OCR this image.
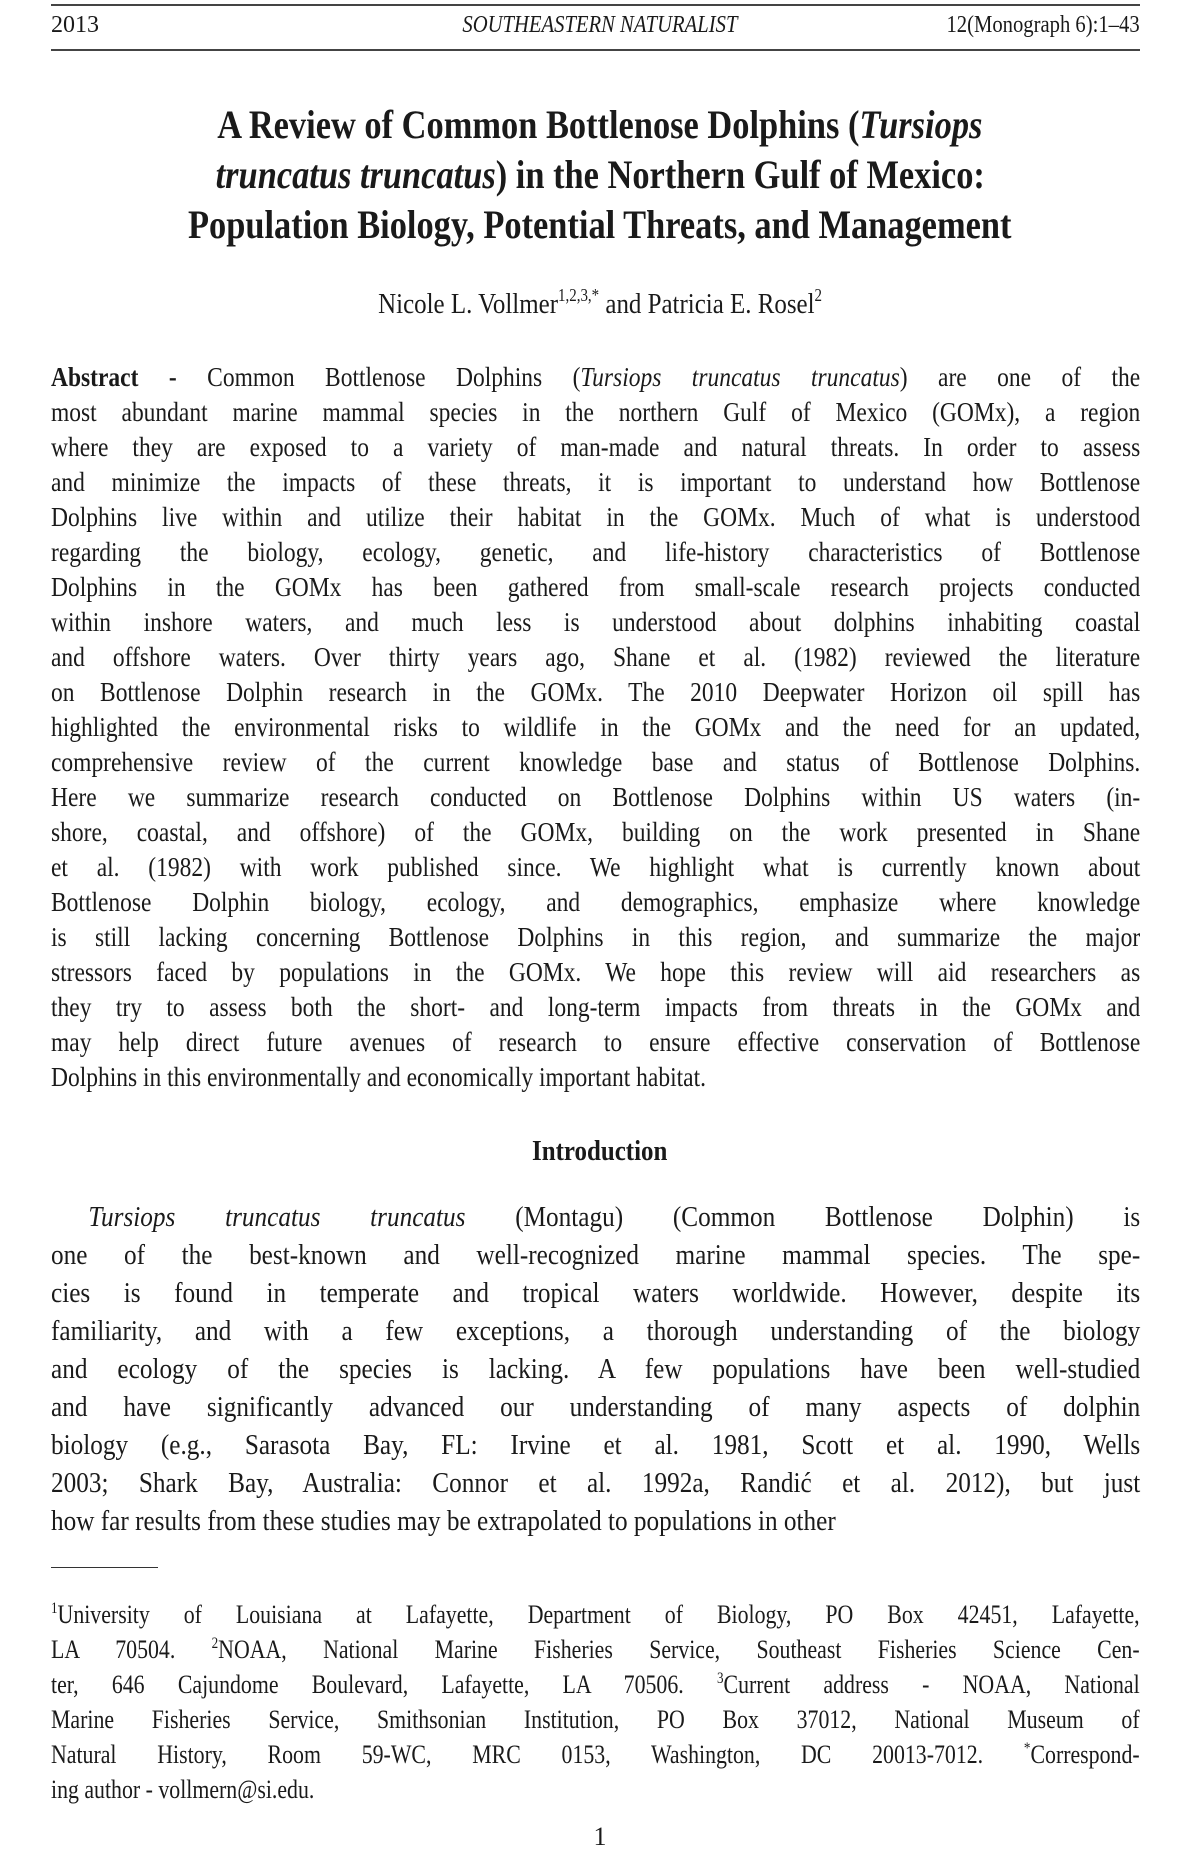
2013	SOUTHEASTERN NATURALIST	12(Monograph 6):1–43
A Review of Common Bottlenose Dolphins (Tursiops
truncatus truncatus) in the Northern Gulf of Mexico:
Population Biology, Potential Threats, and Management
Nicole L. Vollmer$^{1,2,3,*}$ and Patricia E. Rosel$^2$
Abstract - Common Bottlenose Dolphins (Tursiops truncatus truncatus) are one of the
most abundant marine mammal species in the northern Gulf of Mexico (GOMx), a region
where they are exposed to a variety of man-made and natural threats. In order to assess
and minimize the impacts of these threats, it is important to understand how Bottlenose
Dolphins live within and utilize their habitat in the GOMx. Much of what is understood
regarding the biology, ecology, genetic, and life-history characteristics of Bottlenose
Dolphins in the GOMx has been gathered from small-scale research projects conducted
within inshore waters, and much less is understood about dolphins inhabiting coastal
and offshore waters. Over thirty years ago, Shane et al. (1982) reviewed the literature
on Bottlenose Dolphin research in the GOMx. The 2010 Deepwater Horizon oil spill has
highlighted the environmental risks to wildlife in the GOMx and the need for an updated,
comprehensive review of the current knowledge base and status of Bottlenose Dolphins.
Here we summarize research conducted on Bottlenose Dolphins within US waters (in-
shore, coastal, and offshore) of the GOMx, building on the work presented in Shane
et al. (1982) with work published since. We highlight what is currently known about
Bottlenose Dolphin biology, ecology, and demographics, emphasize where knowledge
is still lacking concerning Bottlenose Dolphins in this region, and summarize the major
stressors faced by populations in the GOMx. We hope this review will aid researchers as
they try to assess both the short- and long-term impacts from threats in the GOMx and
may help direct future avenues of research to ensure effective conservation of Bottlenose
Dolphins in this environmentally and economically important habitat.
Introduction
Tursiops truncatus truncatus (Montagu) (Common Bottlenose Dolphin) is
one of the best-known and well-recognized marine mammal species. The spe-
cies is found in temperate and tropical waters worldwide. However, despite its
familiarity, and with a few exceptions, a thorough understanding of the biology
and ecology of the species is lacking. A few populations have been well-studied
and have significantly advanced our understanding of many aspects of dolphin
biology (e.g., Sarasota Bay, FL: Irvine et al. 1981, Scott et al. 1990, Wells
2003; Shark Bay, Australia: Connor et al. 1992a, Randić et al. 2012), but just
how far results from these studies may be extrapolated to populations in other
$^1$University of Louisiana at Lafayette, Department of Biology, PO Box 42451, Lafayette,
LA 70504. $^2$NOAA, National Marine Fisheries Service, Southeast Fisheries Science Cen-
ter, 646 Cajundome Boulevard, Lafayette, LA 70506. $^3$Current address - NOAA, National
Marine Fisheries Service, Smithsonian Institution, PO Box 37012, National Museum of
Natural History, Room 59-WC, MRC 0153, Washington, DC 20013-7012. *Correspond-
ing author - vollmern@si.edu.
1
